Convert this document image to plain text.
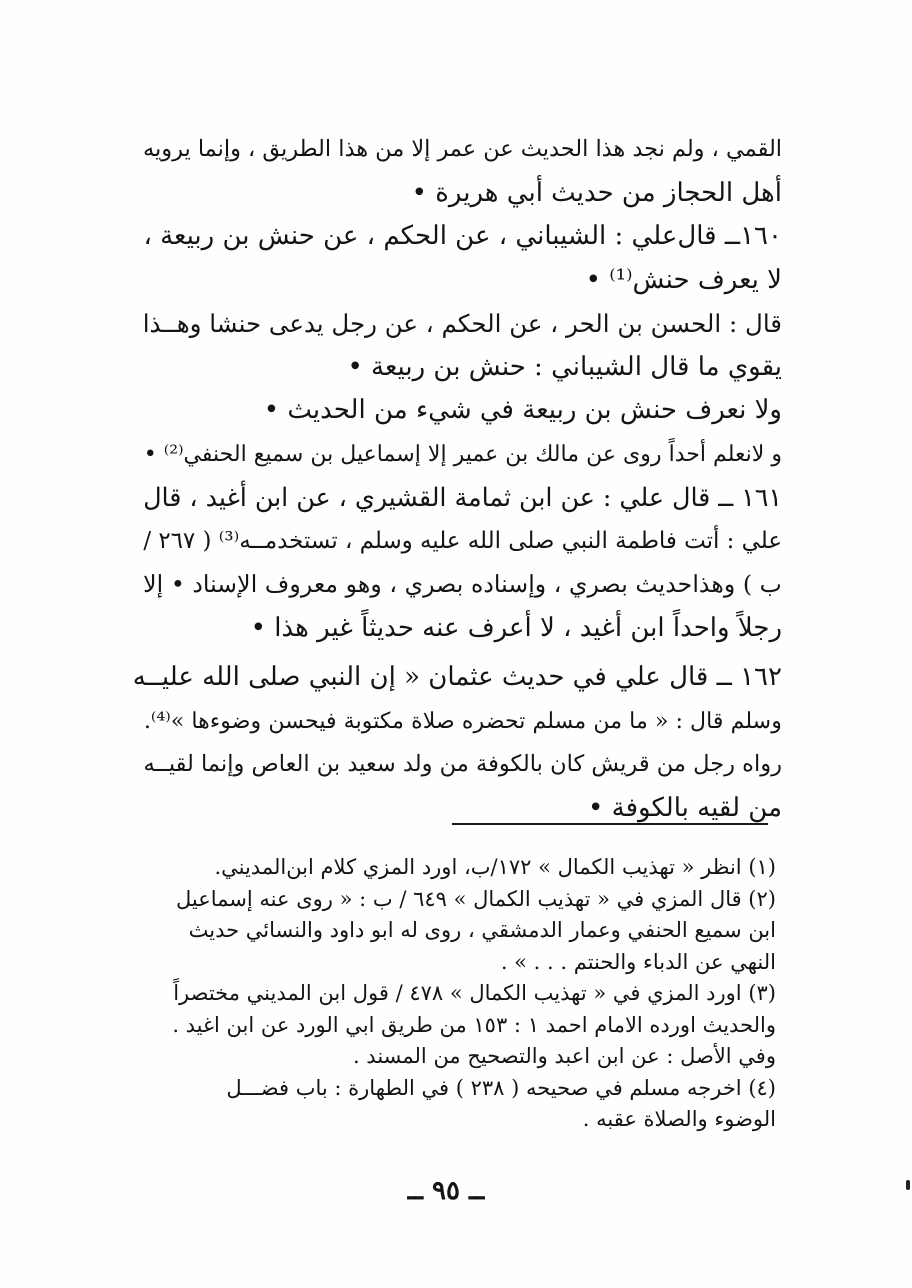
القمي ، ولم نجد هذا الحديث عن عمر إلا من هذا الطريق ، وإنما يرويه
أهل الحجاز من حديث أبي هريرة •
١٦٠ــ قال‌علي : الشيباني ، عن الحكم ، عن حنش بن ربيعة ،
لا يعرف حنش⁽¹⁾ •
قال : الحسن بن الحر ، عن الحكم ، عن رجل يدعى حنشا وهــذا
يقوي ما قال الشيباني : حنش بن ربيعة •
ولا نعرف حنش بن ربيعة في شيء من الحديث •
و لانعلم أحداً روى عن مالك بن عمير إلا إسماعيل بن سميع الحنفي⁽²⁾ •
١٦١ ــ قال علي : عن ابن ثمامة القشيري ، عن ابن أغيد ، قال
علي : أتت فاطمة النبي صلى الله عليه وسلم ، تستخدمــه⁽³⁾ ( ٢٦٧ /
ب ) وهذاحديث بصري ، وإسناده بصري ، وهو معروف الإسناد • إلا
رجلاً واحداً ابن أغيد ، لا أعرف عنه حديثاً غير هذا •
١٦٢ ــ قال علي في حديث عثمان « إن النبي صلى الله عليــه
وسلم قال : « ما من مسلم تحضره صلاة مكتوبة فيحسن وضوءها »⁽⁴⁾.
رواه رجل من قريش كان بالكوفة من ولد سعيد بن العاص وإنما لقيــه
من لقيه بالكوفة •
(١) انظر « تهذيب الكمال » ١٧٢/ب، اورد المزي كلام ابن‌المديني.
(٢) قال المزي في « تهذيب الكمال » ٦٤٩ / ب : « روى عنه إسماعيل
ابن سميع الحنفي وعمار الدمشقي ، روى له ابو داود والنسائي حديث
النهي عن الدباء والحنتم . . . » .
(٣) اورد المزي في « تهذيب الكمال » ٤٧٨ / قول ابن المديني مختصراً
والحديث اورده الامام احمد ١ : ١٥٣ من طريق ابي الورد عن ابن اغيد .
وفي الأصل : عن ابن اعبد والتصحيح من المسند .
(٤) اخرجه مسلم في صحيحه ( ٢٣٨ ) في الطهارة : باب فضـــل
الوضوء والصلاة عقبه .
ــ ٩٥ ــ
